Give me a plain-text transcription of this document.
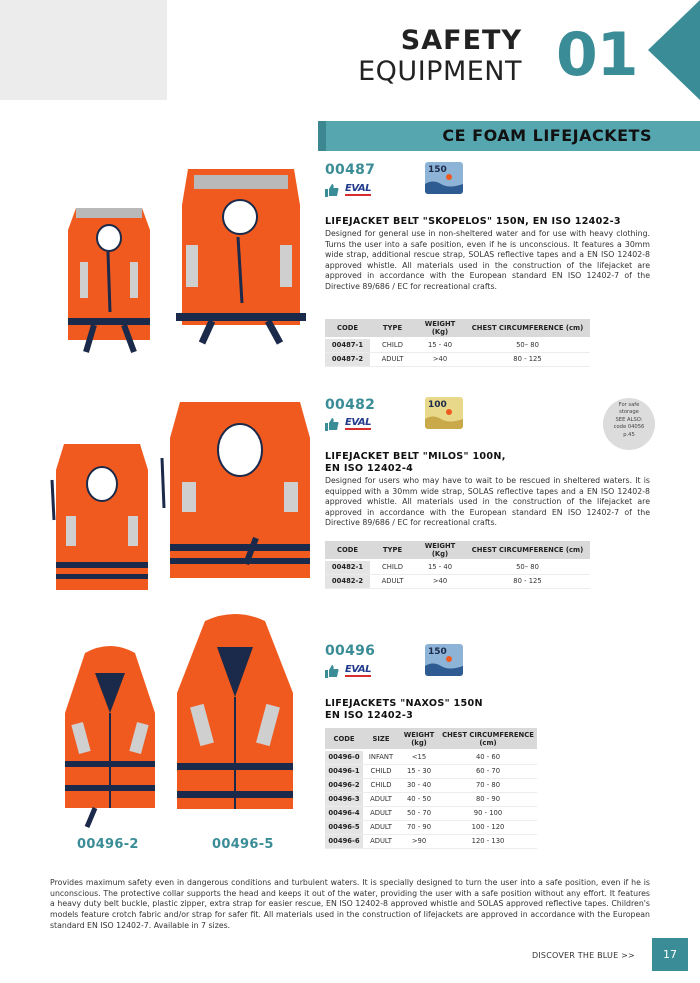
SAFETY
EQUIPMENT 01
CE FOAM LIFEJACKETS
00487
EVAL
150
LIFEJACKET BELT "SKOPELOS" 150N, EN ISO 12402-3
Designed for general use in non-sheltered water and for use with heavy clothing. Turns the user into a safe position, even if he is unconscious. It features a 30mm wide strap, additional rescue strap, SOLAS reflective tapes and a EN ISO 12402-8 approved whistle. All materials used in the construction of the lifejacket are approved in accordance with the European standard EN ISO 12402-7 of the Directive 89/686 / EC for recreational crafts.
CODE	TYPE	WEIGHT (Kg)	CHEST CIRCUMFERENCE (cm)
00487-1	CHILD	15 - 40	50– 80
00487-2	ADULT	>40	80 - 125
00482
EVAL
100	For safe
storage
SEE ALSO:
code 04056
p.45
LIFEJACKET BELT "MILOS" 100N,
EN ISO 12402-4
Designed for users who may have to wait to be rescued in sheltered waters. It is equipped with a 30mm wide strap, SOLAS reflective tapes and a EN ISO 12402-8 approved whistle. All materials used in the construction of the lifejacket are approved in accordance with the European standard EN ISO 12402-7 of the Directive 89/686 / EC for recreational crafts.
CODE	TYPE	WEIGHT (Kg)	CHEST CIRCUMFERENCE (cm)
00482-1	CHILD	15 - 40	50– 80
00482-2	ADULT	>40	80 - 125
00496-2	00496-5
00496
EVAL
150
LIFEJACKETS "NAXOS" 150N
EN ISO 12402-3
CODE	SIZE	WEIGHT (kg)	CHEST CIRCUMFERENCE (cm)
00496-0	INFANT	<15	40 - 60
00496-1	CHILD	15 - 30	60 - 70
00496-2	CHILD	30 - 40	70 - 80
00496-3	ADULT	40 - 50	80 - 90
00496-4	ADULT	50 - 70	90 - 100
00496-5	ADULT	70 - 90	100 - 120
00496-6	ADULT	>90	120 - 130
Provides maximum safety even in dangerous conditions and turbulent waters. It is specially designed to turn the user into a safe position, even if he is unconscious. The protective collar supports the head and keeps it out of the water, providing the user with a safe position without any effort. It features a heavy duty belt buckle, plastic zipper, extra strap for easier rescue, EN ISO 12402-8 approved whistle and SOLAS approved reflective tapes. Children's models feature crotch fabric and/or strap for safer fit. All materials used in the construction of lifejackets are approved in accordance with the European standard EN ISO 12402-7. Available in 7 sizes.
DISCOVER THE BLUE >>	17
